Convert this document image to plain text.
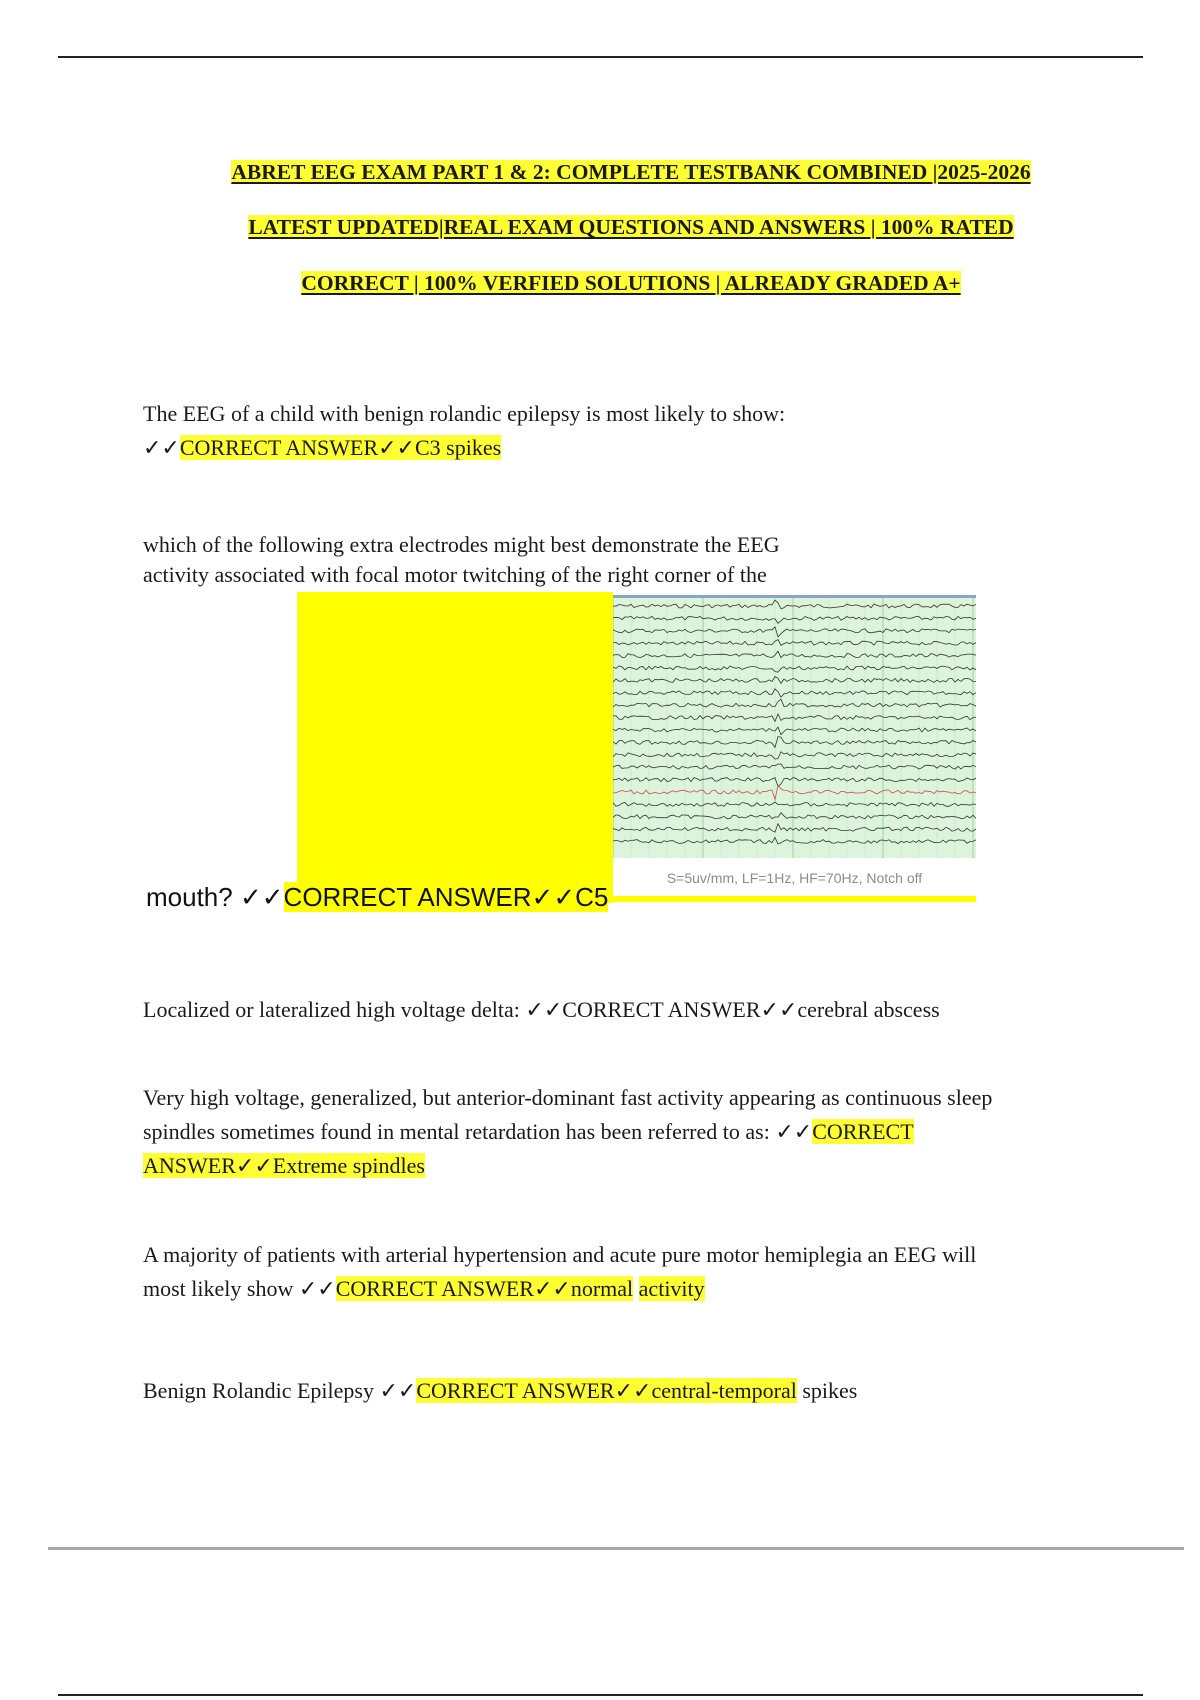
ABRET EEG EXAM PART 1 & 2: COMPLETE TESTBANK COMBINED |2025-2026
LATEST UPDATED|REAL EXAM QUESTIONS AND ANSWERS | 100% RATED
CORRECT | 100% VERFIED SOLUTIONS | ALREADY GRADED A+
The EEG of a child with benign rolandic epilepsy is most likely to show:
✓✓CORRECT ANSWER✓✓C3 spikes
which of the following extra electrodes might best demonstrate the EEG
activity associated with focal motor twitching of the right corner of the
S=5uv/mm, LF=1Hz, HF=70Hz, Notch off
mouth? ✓✓CORRECT ANSWER✓✓C5
Localized or lateralized high voltage delta: ✓✓CORRECT ANSWER✓✓cerebral abscess
Very high voltage, generalized, but anterior-dominant fast activity appearing as continuous sleep
spindles sometimes found in mental retardation has been referred to as: ✓✓CORRECT
ANSWER✓✓Extreme spindles
A majority of patients with arterial hypertension and acute pure motor hemiplegia an EEG will
most likely show ✓✓CORRECT ANSWER✓✓normal activity
Benign Rolandic Epilepsy ✓✓CORRECT ANSWER✓✓central-temporal spikes
